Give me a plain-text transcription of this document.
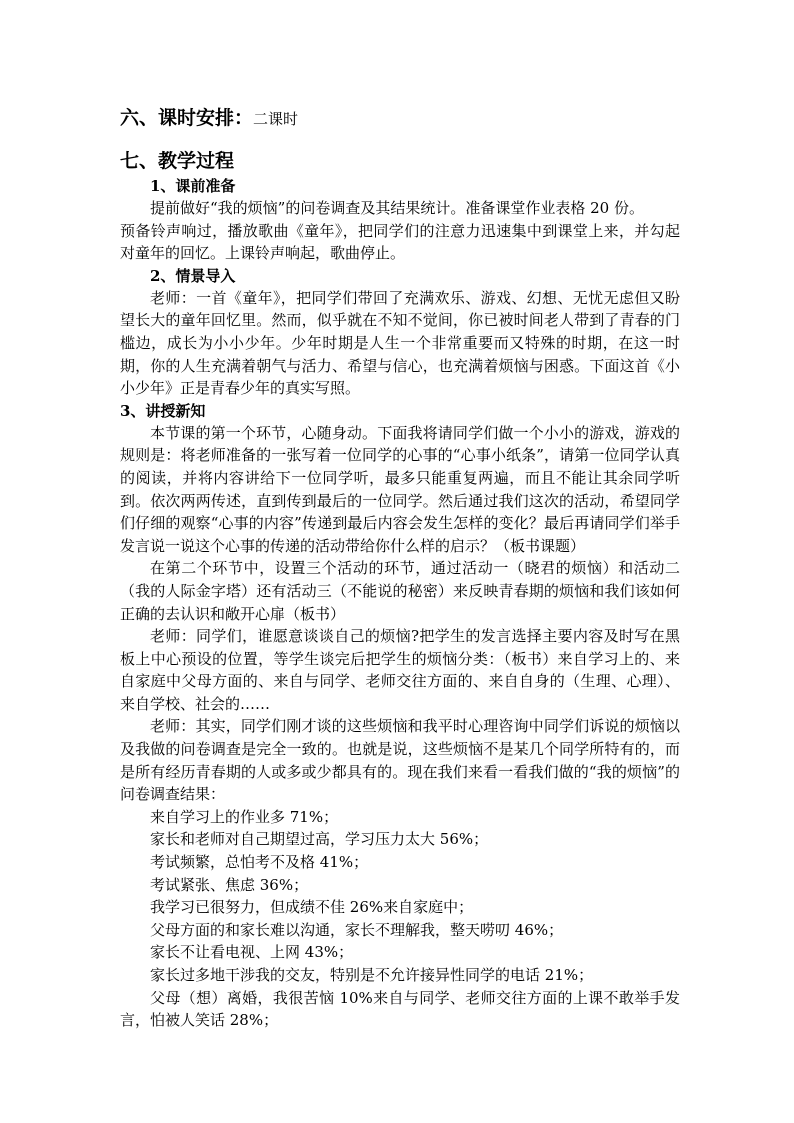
六、课时安排：二课时
七、教学过程
1、课前准备

提前做好“我的烦恼”的问卷调查及其结果统计。准备课堂作业表格 20 份。

预备铃声响过，播放歌曲《童年》，把同学们的注意力迅速集中到课堂上来，并勾起对童年的回忆。上课铃声响起，歌曲停止。

2、情景导入

老师：一首《童年》，把同学们带回了充满欢乐、游戏、幻想、无忧无虑但又盼望长大的童年回忆里。然而，似乎就在不知不觉间，你已被时间老人带到了青春的门槛边，成长为小小少年。少年时期是人生一个非常重要而又特殊的时期，在这一时期，你的人生充满着朝气与活力、希望与信心，也充满着烦恼与困惑。下面这首《小小少年》正是青春少年的真实写照。

3、讲授新知

本节课的第一个环节，心随身动。下面我将请同学们做一个小小的游戏，游戏的规则是：将老师准备的一张写着一位同学的心事的“心事小纸条”，请第一位同学认真的阅读，并将内容讲给下一位同学听，最多只能重复两遍，而且不能让其余同学听到。依次两两传述，直到传到最后的一位同学。然后通过我们这次的活动，希望同学们仔细的观察“心事的内容”传递到最后内容会发生怎样的变化？最后再请同学们举手发言说一说这个心事的传递的活动带给你什么样的启示？（板书课题）

在第二个环节中，设置三个活动的环节，通过活动一（晓君的烦恼）和活动二（我的人际金字塔）还有活动三（不能说的秘密）来反映青春期的烦恼和我们该如何正确的去认识和敞开心扉（板书）

老师：同学们，谁愿意谈谈自己的烦恼?把学生的发言选择主要内容及时写在黑板上中心预设的位置，等学生谈完后把学生的烦恼分类：（板书）来自学习上的、来自家庭中父母方面的、来自与同学、老师交往方面的、来自自身的（生理、心理）、来自学校、社会的……

老师：其实，同学们刚才谈的这些烦恼和我平时心理咨询中同学们诉说的烦恼以及我做的问卷调查是完全一致的。也就是说，这些烦恼不是某几个同学所特有的，而是所有经历青春期的人或多或少都具有的。现在我们来看一看我们做的“我的烦恼”的问卷调查结果：

来自学习上的作业多 71%；
家长和老师对自己期望过高，学习压力太大 56%；
考试频繁，总怕考不及格 41%；
考试紧张、焦虑 36%；
我学习已很努力，但成绩不佳 26%来自家庭中；
父母方面的和家长难以沟通，家长不理解我，整天唠叨 46%；
家长不让看电视、上网 43%；
家长过多地干涉我的交友，特别是不允许接异性同学的电话 21%；
父母（想）离婚，我很苦恼 10%来自与同学、老师交往方面的上课不敢举手发言，怕被人笑话 28%；
